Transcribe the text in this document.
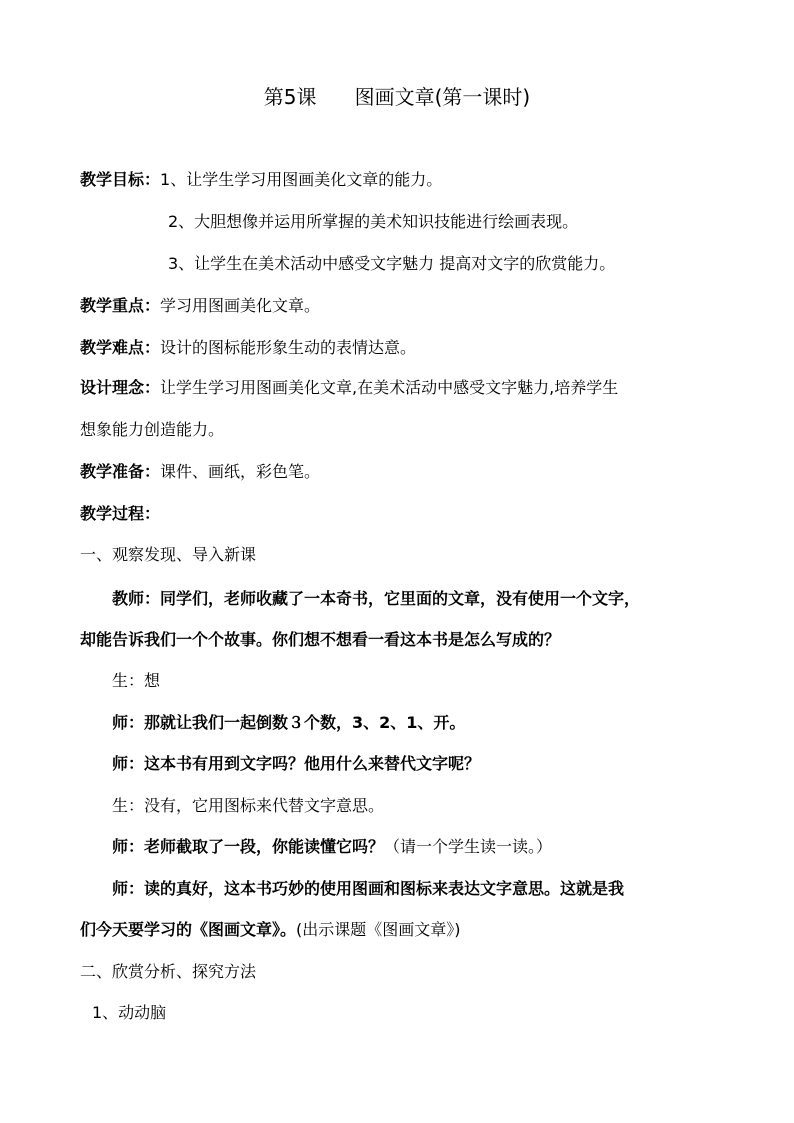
第5课      图画文章(第一课时)
教学目标：1、让学生学习用图画美化文章的能力。
2、大胆想像并运用所掌握的美术知识技能进行绘画表现。
3、让学生在美术活动中感受文字魅力 提高对文字的欣赏能力。
教学重点：学习用图画美化文章。
教学难点：设计的图标能形象生动的表情达意。
设计理念：让学生学习用图画美化文章,在美术活动中感受文字魅力,培养学生
想象能力创造能力。
教学准备：课件、画纸，彩色笔。
教学过程：
一、观察发现、导入新课
教师：同学们，老师收藏了一本奇书，它里面的文章，没有使用一个文字，
却能告诉我们一个个故事。你们想不想看一看这本书是怎么写成的？
生：想
师：那就让我们一起倒数３个数，3、2、1、开。
师：这本书有用到文字吗？他用什么来替代文字呢？
生：没有，它用图标来代替文字意思。
师：老师截取了一段，你能读懂它吗？（请一个学生读一读。）
师：读的真好，这本书巧妙的使用图画和图标来表达文字意思。这就是我
们今天要学习的《图画文章》。(出示课题《图画文章》)
二、欣赏分析、探究方法
1、动动脑
